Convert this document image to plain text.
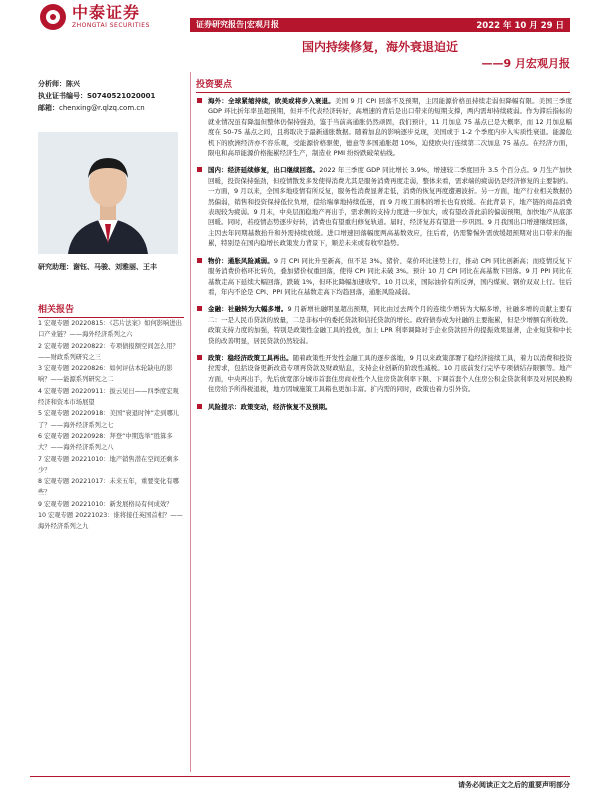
中泰证券
ZHONGTAI SECURITIES	证券研究报告|宏观月报	2022 年 10 月 29 日
国内持续修复，海外衰退迫近
——9 月宏观月报
分析师：陈兴
执业证书编号：S0740521020001
邮箱：chenxing@r.qlzq.com.cn
研究助理：谢钰、马骏、刘雅丽、王丰
相关报告
1 宏观专题 20220815：《芯片法案》如何影响进出口产业链？——海外经济系列之六
2 宏观专题 20220822：专项债报额空间怎么用？——财政系列研究之三
3 宏观专题 20220826：如何评估本轮缺电的影响？——能源系列研究之二
4 宏观专题 20220911：拔云见日——四季度宏观经济和资本市场展望
5 宏观专题 20220918：美国“衰退时钟”走到哪儿了？——海外经济系列之七
6 宏观专题 20220928：拜登“中期选举”胜算多大？——海外经济系列之八
7 宏观专题 20221010：地产销售潜在空间还剩多少？
8 宏观专题 20221017：未来五年，重要变化有哪些？
9 宏观专题 20221010：新发展格局有何成效？
10 宏观专题 20221023：谁将接任英国首相？——海外经济系列之九
投资要点
海外：全球紧缩持续，欧美或将步入衰退。美国 9 月 CPI 回落不及预期，主因能源价格虽持续走弱但降幅有限。美国三季度 GDP 环比折年率虽超预期，但并不代表经济转好，高增速的背后是出口带来的短期支撑，两内需却持续疲弱。作为滞后指标的就业情况虽有降温但整体仍保持强劲，鉴于当前高通胀仍然顽固，我们预计，11 月加息 75 基点已是大概率，而 12 月加息幅度在 50-75 基点之间，且将取决于最新通胀数据。随着加息的影响逐步兑现，美国或于 1-2 个季度内步入实质性衰退。能源危机下的欧洲经济亦不容乐观，受能源价格驱使，德意等多国通胀超 10%，迫使欧央行连续第二次加息 75 基点。在经济方面，限电和高昂能源价格拖累经济生产，制造业 PMI 纷纷跌破荣枯线。
国内：经济延续修复，出口继续回落。2022 年三季度 GDP 同比增长 3.9%，增速较二季度回升 3.5 个百分点。9 月生产加快回暖，投资保持强劲，但疫情散发多发使得消费尤其是服务消费再度走弱，整体来看，需求端的疲弱仍是经济修复的主要制约。一方面，9 月以来，全国多地疫情有所反复，服务性消费显著走低，消费的恢复再度遭遇波折。另一方面，地产行业相关数据仍然偏弱，销售和投资保持低位负增，偿给端拿地持续低迷，而 9 月竣工面积的增长也有放缓。在此背景下，地产链的商品消费表现较为疲弱。9 月末，中央层面稳地产再出手，需求侧的支持力度进一步加大，或有望改善此前的偏弱预期，加快地产从底部回暖。同时，若疫情态势逐步好转，消费也有望重归修复轨道。届时，经济复苏有望进一步巩固。9 月我国出口增速继续回落，主因去年同期基数抬升和外需持续放缓。进口增速回落幅度两高基数效应，往后看，仍需警惕外需放缓超预期对出口带来的拖累，特别是在国内稳增长政策发力背景下，顺差未来或有收窄趋势。
物价：通胀风险减弱。9 月 CPI 同比升至新高，但不足 3%。猪价、菜价环比迷势上行，推动 CPI 同比创新高；而疫情反复下服务消费价格环比转负，叠加猪价权重回落，使得 CPI 同比未破 3%。预计 10 月 CPI 同比在高基数下回落。9 月 PPI 同比在基数走高下延续大幅回落，跌破 1%，但环比降幅加速收窄。10 月以来，国际油价有所反弹，国内煤炭、钢价双双上行。往后看，年内不论是 CPI、PPI 同比在基数走高下均趋回落，通胀风险减弱。
金融：社融转为大幅多增。9 月新增社融明显超出预期，同比由过去两个月的连续少增转为大幅多增，社融多增的贡献主要有二：一是人民币贷款的放量，二是非标中的委托贷款和信托贷款的增长。政府债券成为社融的主要拖累，但是少增额有所收敛。政策支持力度的加强，特别是政策性金融工具的投放，加上 LPR 利率调降对于企业贷款回升的提振效果显著，企业短贷和中长贷的改善明显，居民贷款仍然较弱。
政策：稳经济政策工具再出。随着政策性开发性金融工具的逐步落地，9 月以来政策部署了稳经济接续工具，着力以消费和投资拉需求，包括设备更新改造专项再贷款及财政贴息，支持企业创新的阶段性减税。10 月底前发行完毕专项债结存限额等。地产方面，中央再出手，先后放宽部分城市首套住房商业性个人住房贷款利率下限、下调首套个人住房公积金贷款利率及对居民换购住房给予所得税退税，地方因城施策工具箱也更加丰富。扩内需的同时，政策也着力引外资。
风险提示：政策变动，经济恢复不及预期。
请务必阅读正文之后的重要声明部分
